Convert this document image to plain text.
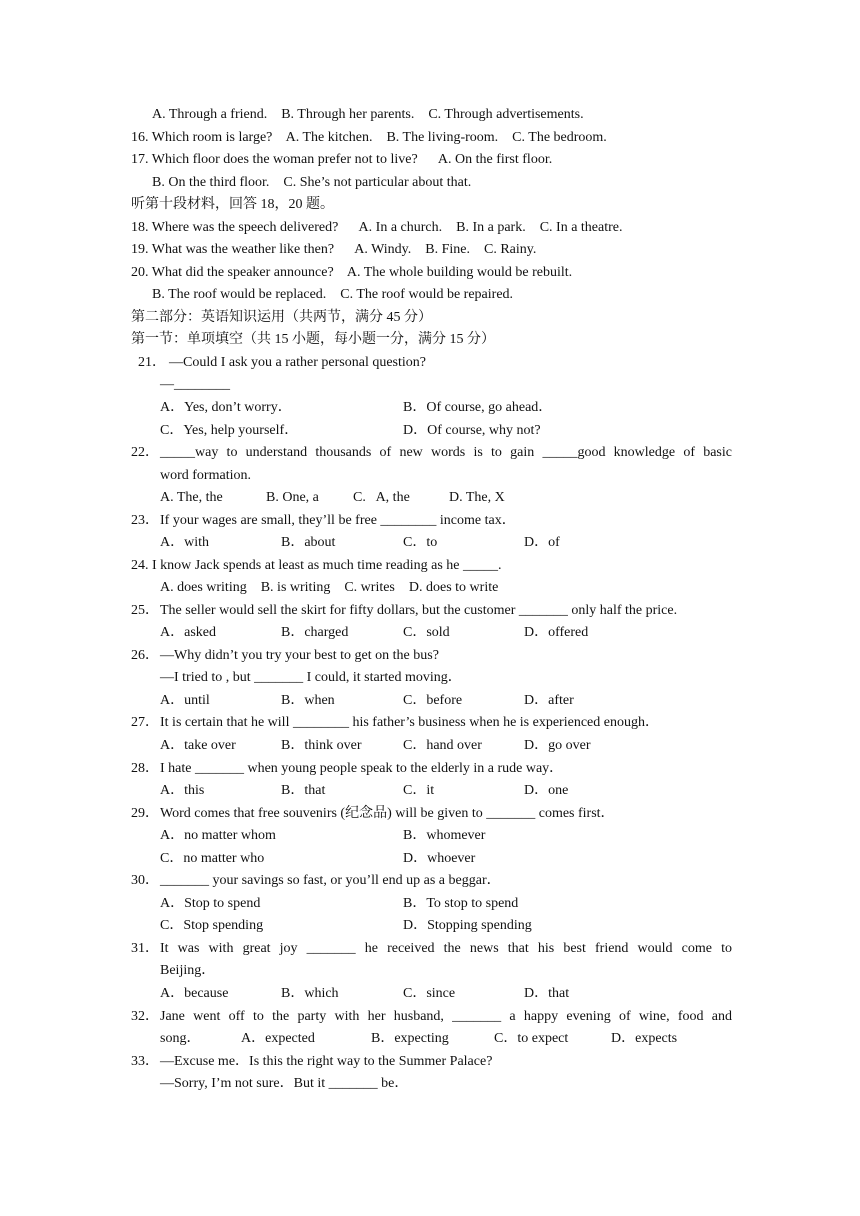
A. Through a friend.    B. Through her parents.    C. Through advertisements.
16. Which room is large?    A. The kitchen.    B. The living-room.    C. The bedroom.
17. Which floor does the woman prefer not to live?      A. On the first floor.
B. On the third floor.    C. She’s not particular about that.
听第十段材料，回答 18，20 题。
18. Where was the speech delivered?      A. In a church.    B. In a park.    C. In a theatre.
19. What was the weather like then?      A. Windy.    B. Fine.    C. Rainy.
20. What did the speaker announce?    A. The whole building would be rebuilt.
B. The roof would be replaced.    C. The roof would be repaired.
第二部分：英语知识运用（共两节，满分 45 分）
第一节：单项填空（共 15 小题，每小题一分，满分 15 分）
21． —Could I ask you a rather personal question?
—________
A．Yes, don’t worry．	B．Of course, go ahead．
C．Yes, help yourself．	D．Of course, why not?
22． _____way to understand thousands of new words is to gain _____good knowledge of basic
word formation.
A. The, the	B. One, a C.   A, the	D. The, X
23． If your wages are small, they’ll be free ________ income tax．
A．with	B．about	C．to	D．of
24. I know Jack spends at least as much time reading as he _____.
A. does writing    B. is writing    C. writes    D. does to write
25． The seller would sell the skirt for fifty dollars, but the customer _______ only half the price.
A．asked	B．charged	C．sold	D．offered
26． —Why didn’t you try your best to get on the bus?
—I tried to , but _______ I could, it started moving．
A．until	B．when	C．before	D．after
27． It is certain that he will ________ his father’s business when he is experienced enough．
A．take over	B．think over	C．hand over	D．go over
28． I hate _______ when young people speak to the elderly in a rude way．
A．this	B．that	C．it	D．one
29． Word comes that free souvenirs (纪念品) will be given to _______ comes first．
A．no matter whom	B．whomever
C．no matter who	D．whoever
30． _______ your savings so fast, or you’ll end up as a beggar．
A．Stop to spend	B．To stop to spend
C．Stop spending	D．Stopping spending
31． It was with great joy _______ he received the news that his best friend would come to
Beijing．
A．because	B．which	C．since	D．that
32． Jane went off to the party with her husband, _______ a happy evening of wine, food and
song．	A．expected	B．expecting	C．to expect	D．expects
33． —Excuse me．Is this the right way to the Summer Palace?
—Sorry, I’m not sure．But it _______ be．
